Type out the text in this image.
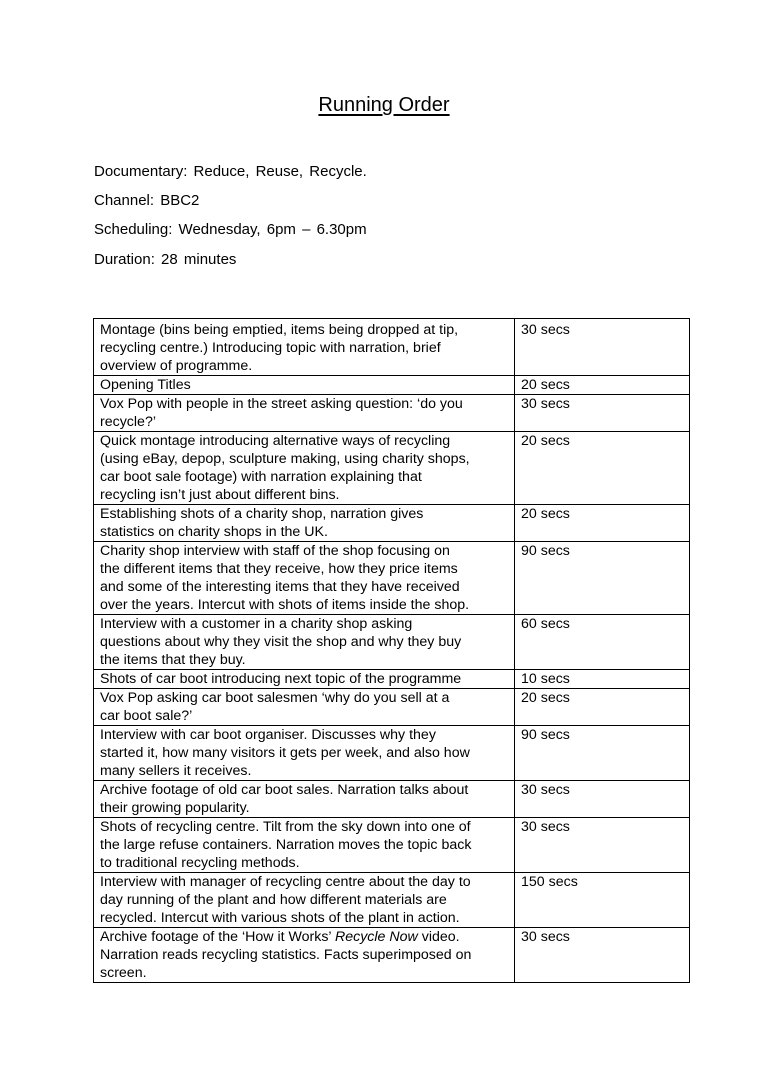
Running Order
Documentary: Reduce, Reuse, Recycle.
Channel: BBC2
Scheduling: Wednesday, 6pm – 6.30pm
Duration: 28 minutes
Montage (bins being emptied, items being dropped at tip,
recycling centre.) Introducing topic with narration, brief
overview of programme.	30 secs

Opening Titles	20 secs

Vox Pop with people in the street asking question: ‘do you
recycle?’	30 secs

Quick montage introducing alternative ways of recycling
(using eBay, depop, sculpture making, using charity shops,
car boot sale footage) with narration explaining that
recycling isn’t just about different bins.	20 secs

Establishing shots of a charity shop, narration gives
statistics on charity shops in the UK.	20 secs

Charity shop interview with staff of the shop focusing on
the different items that they receive, how they price items
and some of the interesting items that they have received
over the years. Intercut with shots of items inside the shop.	90 secs

Interview with a customer in a charity shop asking
questions about why they visit the shop and why they buy
the items that they buy.	60 secs

Shots of car boot introducing next topic of the programme	10 secs

Vox Pop asking car boot salesmen ‘why do you sell at a
car boot sale?’	20 secs

Interview with car boot organiser. Discusses why they
started it, how many visitors it gets per week, and also how
many sellers it receives.	90 secs

Archive footage of old car boot sales. Narration talks about
their growing popularity.	30 secs

Shots of recycling centre. Tilt from the sky down into one of
the large refuse containers. Narration moves the topic back
to traditional recycling methods.	30 secs

Interview with manager of recycling centre about the day to
day running of the plant and how different materials are
recycled. Intercut with various shots of the plant in action.	150 secs

Archive footage of the ‘How it Works’ Recycle Now video.
Narration reads recycling statistics. Facts superimposed on
screen.	30 secs
